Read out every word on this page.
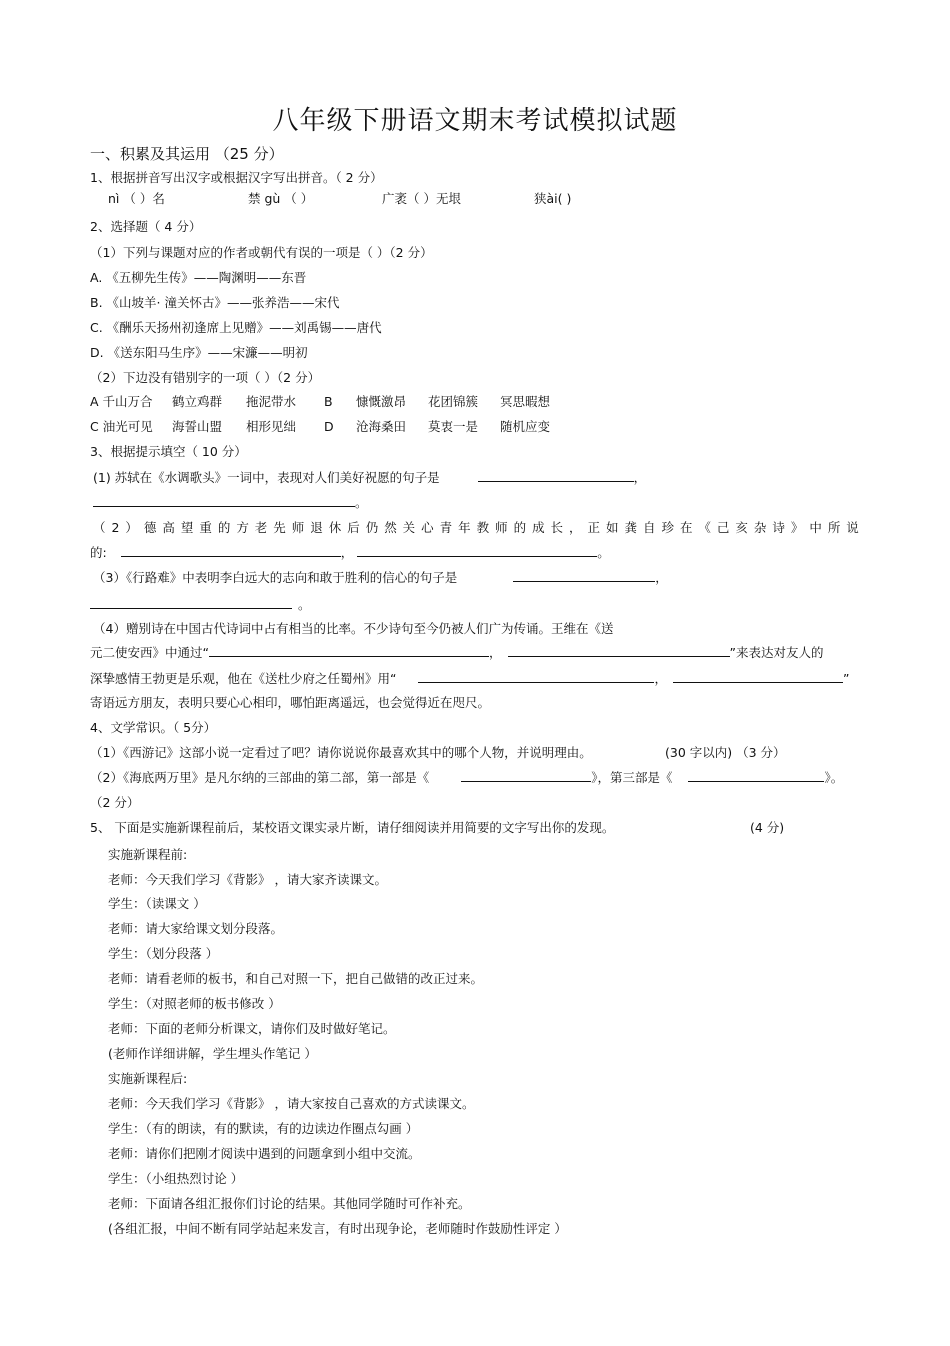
八年级下册语文期末考试模拟试题
一、积累及其运用 （25 分）
1、根据拼音写出汉字或根据汉字写出拼音。（ 2 分）
nì （ ）名	禁 gù （ ）	广袤（ ）无垠	狭ài( )
2、选择题（ 4 分）
（1）下列与课题对应的作者或朝代有误的一项是（ ）（2 分）
A. 《五柳先生传》——陶渊明——东晋
B. 《山坡羊· 潼关怀古》——张养浩——宋代
C. 《酬乐天扬州初逢席上见赠》——刘禹锡——唐代
D. 《送东阳马生序》——宋濂——明初
（2）下边没有错别字的一项（ ）（2 分）
A 千山万合 鹤立鸡群 拖泥带水 B 慷慨激昂 花团锦簇 冥思暇想
C 油光可见 海誓山盟 相形见绌 D 沧海桑田 莫衷一是 随机应变
3、根据提示填空（ 10 分）
(1) 苏轼在《水调歌头》一词中，表现对人们美好祝愿的句子是	，
。
（ 2 ） 德 高 望 重 的 方 老 先 师 退 休 后 仍 然 关 心 青 年 教 师 的 成 长 ， 正 如 龚 自 珍 在 《 己 亥 杂 诗 》 中 所 说
的:	，	。
（3）《行路难》中表明李白远大的志向和敢于胜利的信心的句子是	，
。
（4）赠别诗在中国古代诗词中占有相当的比率。不少诗句至今仍被人们广为传诵。王维在《送
元二使安西》中通过“	，	”来表达对友人的
深挚感情王勃更是乐观，他在《送杜少府之任蜀州》用“	，	”
寄语远方朋友，表明只要心心相印，哪怕距离遥远，也会觉得近在咫尺。
4、文学常识。（ 5分）
（1）《西游记》这部小说一定看过了吧？请你说说你最喜欢其中的哪个人物，并说明理由。	(30 字以内) （3 分）
（2）《海底两万里》是凡尔纳的三部曲的第二部，第一部是《	》，第三部是《	》。
（2 分）
5、 下面是实施新课程前后，某校语文课实录片断，请仔细阅读并用简要的文字写出你的发现。	(4 分)
实施新课程前:
老师：今天我们学习《背影》 ，请大家齐读课文。
学生：（读课文 ）
老师：请大家给课文划分段落。
学生：（划分段落 ）
老师：请看老师的板书，和自己对照一下，把自己做错的改正过来。
学生：（对照老师的板书修改 ）
老师：下面的老师分析课文，请你们及时做好笔记。
(老师作详细讲解，学生埋头作笔记 ）
实施新课程后:
老师：今天我们学习《背影》 ，请大家按自己喜欢的方式读课文。
学生：（有的朗读，有的默读，有的边读边作圈点勾画 ）
老师：请你们把刚才阅读中遇到的问题拿到小组中交流。
学生：（小组热烈讨论 ）
老师：下面请各组汇报你们讨论的结果。其他同学随时可作补充。
(各组汇报，中间不断有同学站起来发言，有时出现争论，老师随时作鼓励性评定 ）
